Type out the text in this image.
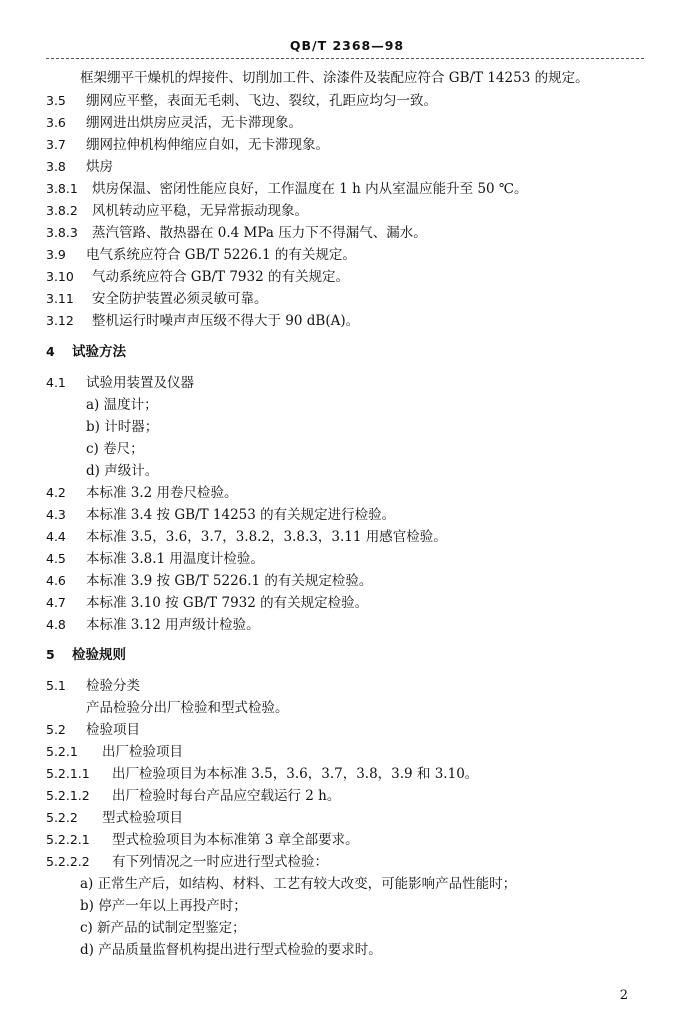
QB/T 2368—98
框架绷平干燥机的焊接件、切削加工件、涂漆件及装配应符合 GB/T 14253 的规定。
3.5 绷网应平整，表面无毛刺、飞边、裂纹，孔距应均匀一致。
3.6 绷网进出烘房应灵活，无卡滞现象。
3.7 绷网拉伸机构伸缩应自如，无卡滞现象。
3.8 烘房
3.8.1 烘房保温、密闭性能应良好，工作温度在 1 h 内从室温应能升至 50 ℃。
3.8.2 风机转动应平稳，无异常振动现象。
3.8.3 蒸汽管路、散热器在 0.4 MPa 压力下不得漏气、漏水。
3.9 电气系统应符合 GB/T 5226.1 的有关规定。
3.10 气动系统应符合 GB/T 7932 的有关规定。
3.11 安全防护装置必须灵敏可靠。
3.12 整机运行时噪声声压级不得大于 90 dB(A)。
4 试验方法
4.1 试验用装置及仪器
a) 温度计；
b) 计时器；
c) 卷尺；
d) 声级计。
4.2 本标准 3.2 用卷尺检验。
4.3 本标准 3.4 按 GB/T 14253 的有关规定进行检验。
4.4 本标准 3.5，3.6，3.7，3.8.2，3.8.3，3.11 用感官检验。
4.5 本标准 3.8.1 用温度计检验。
4.6 本标准 3.9 按 GB/T 5226.1 的有关规定检验。
4.7 本标准 3.10 按 GB/T 7932 的有关规定检验。
4.8 本标准 3.12 用声级计检验。
5 检验规则
5.1 检验分类
产品检验分出厂检验和型式检验。
5.2 检验项目
5.2.1 出厂检验项目
5.2.1.1 出厂检验项目为本标准 3.5，3.6，3.7，3.8，3.9 和 3.10。
5.2.1.2 出厂检验时每台产品应空载运行 2 h。
5.2.2 型式检验项目
5.2.2.1 型式检验项目为本标准第 3 章全部要求。
5.2.2.2 有下列情况之一时应进行型式检验：
a) 正常生产后，如结构、材料、工艺有较大改变，可能影响产品性能时；
b) 停产一年以上再投产时；
c) 新产品的试制定型鉴定；
d) 产品质量监督机构提出进行型式检验的要求时。
2
